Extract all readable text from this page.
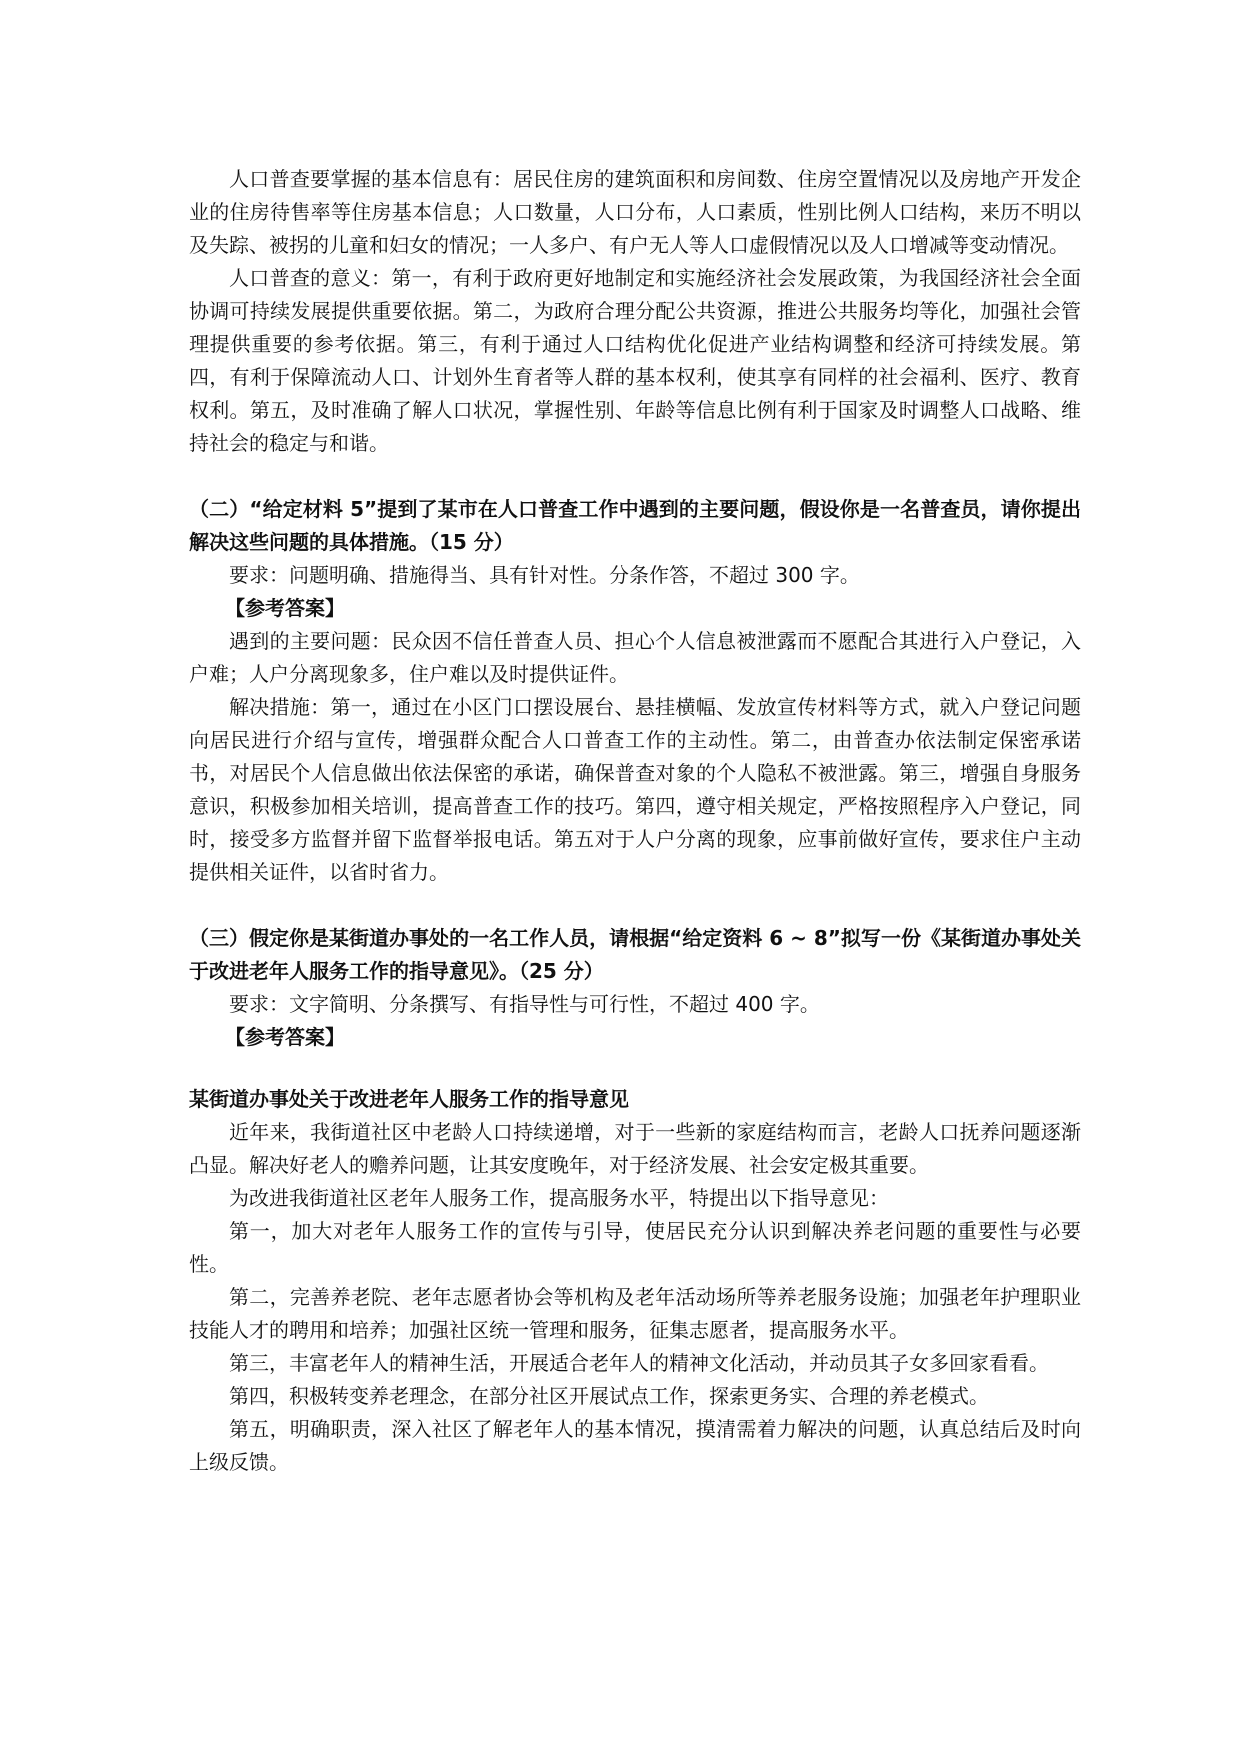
人口普查要掌握的基本信息有：居民住房的建筑面积和房间数、住房空置情况以及房地产开发企业的住房待售率等住房基本信息；人口数量，人口分布，人口素质，性别比例人口结构，来历不明以及失踪、被拐的儿童和妇女的情况；一人多户、有户无人等人口虚假情况以及人口增减等变动情况。

人口普查的意义：第一，有利于政府更好地制定和实施经济社会发展政策，为我国经济社会全面协调可持续发展提供重要依据。第二，为政府合理分配公共资源，推进公共服务均等化，加强社会管理提供重要的参考依据。第三，有利于通过人口结构优化促进产业结构调整和经济可持续发展。第四，有利于保障流动人口、计划外生育者等人群的基本权利，使其享有同样的社会福利、医疗、教育权利。第五，及时准确了解人口状况，掌握性别、年龄等信息比例有利于国家及时调整人口战略、维持社会的稳定与和谐。

（二）“给定材料 5”提到了某市在人口普查工作中遇到的主要问题，假设你是一名普查员，请你提出解决这些问题的具体措施。（15 分）

要求：问题明确、措施得当、具有针对性。分条作答，不超过 300 字。

【参考答案】

遇到的主要问题：民众因不信任普查人员、担心个人信息被泄露而不愿配合其进行入户登记，入户难；人户分离现象多，住户难以及时提供证件。

解决措施：第一，通过在小区门口摆设展台、悬挂横幅、发放宣传材料等方式，就入户登记问题向居民进行介绍与宣传，增强群众配合人口普查工作的主动性。第二，由普查办依法制定保密承诺书，对居民个人信息做出依法保密的承诺，确保普查对象的个人隐私不被泄露。第三，增强自身服务意识，积极参加相关培训，提高普查工作的技巧。第四，遵守相关规定，严格按照程序入户登记，同时，接受多方监督并留下监督举报电话。第五对于人户分离的现象，应事前做好宣传，要求住户主动提供相关证件，以省时省力。

（三）假定你是某街道办事处的一名工作人员，请根据“给定资料 6 ~ 8”拟写一份《某街道办事处关于改进老年人服务工作的指导意见》。（25 分）

要求：文字简明、分条撰写、有指导性与可行性，不超过 400 字。

【参考答案】

某街道办事处关于改进老年人服务工作的指导意见

近年来，我街道社区中老龄人口持续递增，对于一些新的家庭结构而言，老龄人口抚养问题逐渐凸显。解决好老人的赡养问题，让其安度晚年，对于经济发展、社会安定极其重要。

为改进我街道社区老年人服务工作，提高服务水平，特提出以下指导意见：

第一，加大对老年人服务工作的宣传与引导，使居民充分认识到解决养老问题的重要性与必要性。

第二，完善养老院、老年志愿者协会等机构及老年活动场所等养老服务设施；加强老年护理职业技能人才的聘用和培养；加强社区统一管理和服务，征集志愿者，提高服务水平。

第三，丰富老年人的精神生活，开展适合老年人的精神文化活动，并动员其子女多回家看看。

第四，积极转变养老理念，在部分社区开展试点工作，探索更务实、合理的养老模式。

第五，明确职责，深入社区了解老年人的基本情况，摸清需着力解决的问题，认真总结后及时向上级反馈。
